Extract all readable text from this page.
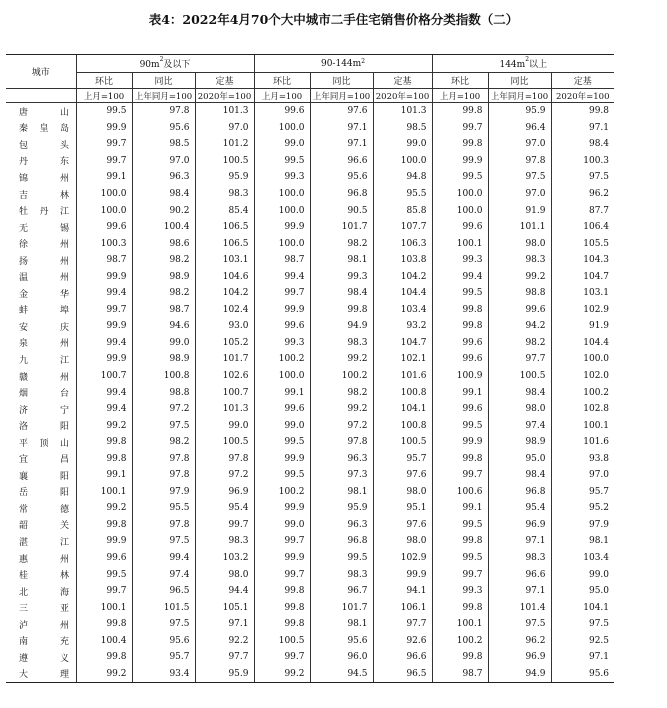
表4：2022年4月70个大中城市二手住宅销售价格分类指数（二）
城市	$90m^2$及以下			$90-144m^2$			$144m^2$以上		
	环比	同比	定基	环比	同比	定基	环比	同比	定基
	上月=100	上年同月=100	2020年=100	上月=100	上年同月=100	2020年=100	上月=100	上年同月=100	2020年=100

唐 山	99.5	97.8	101.3	99.6	97.6	101.3	99.8	95.9	99.8

秦 皇 岛	99.9	95.6	97.0	100.0	97.1	98.5	99.7	96.4	97.1

包 头	99.7	98.5	101.2	99.0	97.1	99.0	99.8	97.0	98.4

丹 东	99.7	97.0	100.5	99.5	96.6	100.0	99.9	97.8	100.3

锦 州	99.1	96.3	95.9	99.3	95.6	94.8	99.5	97.5	97.5

吉 林	100.0	98.4	98.3	100.0	96.8	95.5	100.0	97.0	96.2

牡 丹 江	100.0	90.2	85.4	100.0	90.5	85.8	100.0	91.9	87.7

无 锡	99.6	100.4	106.5	99.9	101.7	107.7	99.6	101.1	106.4

徐 州	100.3	98.6	106.5	100.0	98.2	106.3	100.1	98.0	105.5

扬 州	98.7	98.2	103.1	98.7	98.1	103.8	99.3	98.3	104.3

温 州	99.9	98.9	104.6	99.4	99.3	104.2	99.4	99.2	104.7

金 华	99.4	98.2	104.2	99.7	98.4	104.4	99.5	98.8	103.1

蚌 埠	99.7	98.7	102.4	99.9	99.8	103.4	99.8	99.6	102.9

安 庆	99.9	94.6	93.0	99.6	94.9	93.2	99.8	94.2	91.9

泉 州	99.4	99.0	105.2	99.3	98.3	104.7	99.6	98.2	104.4

九 江	99.9	98.9	101.7	100.2	99.2	102.1	99.6	97.7	100.0

赣 州	100.7	100.8	102.6	100.0	100.2	101.6	100.9	100.5	102.0

烟 台	99.4	98.8	100.7	99.1	98.2	100.8	99.1	98.4	100.2

济 宁	99.4	97.2	101.3	99.6	99.2	104.1	99.6	98.0	102.8

洛 阳	99.2	97.5	99.0	99.0	97.2	100.8	99.5	97.4	100.1

平 顶 山	99.8	98.2	100.5	99.5	97.8	100.5	99.9	98.9	101.6

宜 昌	99.8	97.8	97.8	99.9	96.3	95.7	99.8	95.0	93.8

襄 阳	99.1	97.8	97.2	99.5	97.3	97.6	99.7	98.4	97.0

岳 阳	100.1	97.9	96.9	100.2	98.1	98.0	100.6	96.8	95.7

常 德	99.2	95.5	95.4	99.9	95.9	95.1	99.1	95.4	95.2

韶 关	99.8	97.8	99.7	99.0	96.3	97.6	99.5	96.9	97.9

湛 江	99.9	97.5	98.3	99.7	96.8	98.0	99.8	97.1	98.1

惠 州	99.6	99.4	103.2	99.9	99.5	102.9	99.5	98.3	103.4

桂 林	99.5	97.4	98.0	99.7	98.3	99.9	99.7	96.6	99.0

北 海	99.7	96.5	94.4	99.8	96.7	94.1	99.3	97.1	95.0

三 亚	100.1	101.5	105.1	99.8	101.7	106.1	99.8	101.4	104.1

泸 州	99.8	97.5	97.1	99.8	98.1	97.7	100.1	97.5	97.5

南 充	100.4	95.6	92.2	100.5	95.6	92.6	100.2	96.2	92.5

遵 义	99.8	95.7	97.7	99.7	96.0	96.6	99.8	96.9	97.1

大 理	99.2	93.4	95.9	99.2	94.5	96.5	98.7	94.9	95.6
